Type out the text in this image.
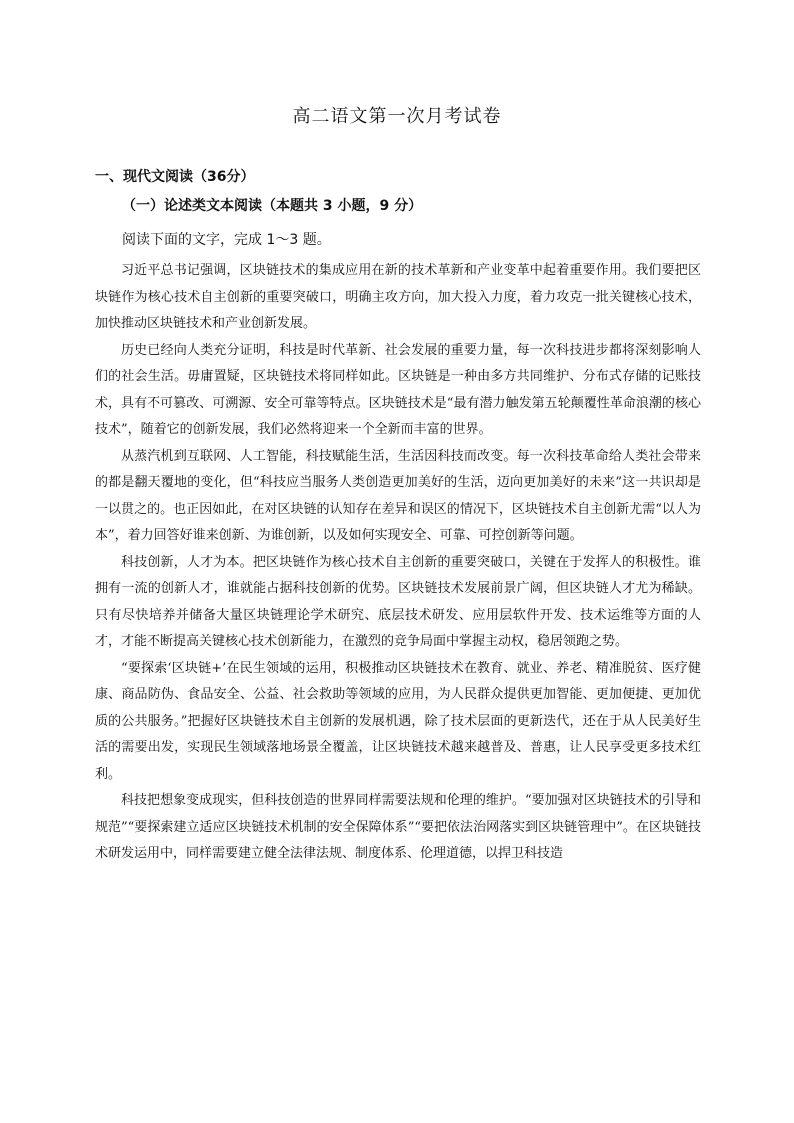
高二语文第一次月考试卷
一、现代文阅读（36分）
（一）论述类文本阅读（本题共 3 小题，9 分）
阅读下面的文字，完成 1～3 题。

习近平总书记强调，区块链技术的集成应用在新的技术革新和产业变革中起着重要作用。我们要把区块链作为核心技术自主创新的重要突破口，明确主攻方向，加大投入力度，着力攻克一批关键核心技术，加快推动区块链技术和产业创新发展。

历史已经向人类充分证明，科技是时代革新、社会发展的重要力量，每一次科技进步都将深刻影响人们的社会生活。毋庸置疑，区块链技术将同样如此。区块链是一种由多方共同维护、分布式存储的记账技术，具有不可篡改、可溯源、安全可靠等特点。区块链技术是“最有潜力触发第五轮颠覆性革命浪潮的核心技术”，随着它的创新发展，我们必然将迎来一个全新而丰富的世界。

从蒸汽机到互联网、人工智能，科技赋能生活，生活因科技而改变。每一次科技革命给人类社会带来的都是翻天覆地的变化，但“科技应当服务人类创造更加美好的生活，迈向更加美好的未来”这一共识却是一以贯之的。也正因如此，在对区块链的认知存在差异和误区的情况下，区块链技术自主创新尤需“以人为本”，着力回答好谁来创新、为谁创新，以及如何实现安全、可靠、可控创新等问题。

科技创新，人才为本。把区块链作为核心技术自主创新的重要突破口，关键在于发挥人的积极性。谁拥有一流的创新人才，谁就能占据科技创新的优势。区块链技术发展前景广阔，但区块链人才尤为稀缺。只有尽快培养并储备大量区块链理论学术研究、底层技术研发、应用层软件开发、技术运维等方面的人才，才能不断提高关键核心技术创新能力，在激烈的竞争局面中掌握主动权，稳居领跑之势。

“要探索‘区块链+’在民生领域的运用，积极推动区块链技术在教育、就业、养老、精准脱贫、医疗健康、商品防伪、食品安全、公益、社会救助等领域的应用，为人民群众提供更加智能、更加便捷、更加优质的公共服务。”把握好区块链技术自主创新的发展机遇，除了技术层面的更新迭代，还在于从人民美好生活的需要出发，实现民生领域落地场景全覆盖，让区块链技术越来越普及、普惠，让人民享受更多技术红利。

科技把想象变成现实，但科技创造的世界同样需要法规和伦理的维护。“要加强对区块链技术的引导和规范”“要探索建立适应区块链技术机制的安全保障体系”“要把依法治网落实到区块链管理中”。在区块链技术研发运用中，同样需要建立健全法律法规、制度体系、伦理道德，以捍卫科技造
